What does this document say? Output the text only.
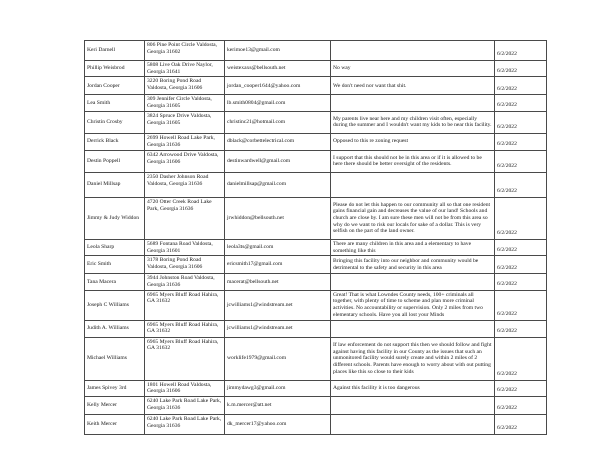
Keri Darnell	806 Pine Point Circle Valdosta, Georgia 31602	kerimoe13@gmail.com		6/2/2022
Phillip Weisbrod	5808 Live Oak Drive Naylor, Georgia 31641	weistexaxs@bellsouth.net	No way	6/2/2022
Jordan Cooper	3220 Boring Pond Road Valdosta, Georgia 31606	jordan_cooper1644@yahoo.com	We don't need nor want that shit.	6/2/2022
Lea Smith	309 Jennifer Circle Valdosta, Georgia 31605	lb.smith0804@gmail.com		6/2/2022
Christin Crosby	3824 Spruce Drive Valdosta, Georgia 31605	christinc21@hotmail.com	My parents live near here and my children visit often, especially during the summer and I wouldn't want my kids to be near this facility.	6/2/2022
Derrick Black	2699 Howell Road Lake Park, Georgia 31636	dblack@corbettelectrical.com	Opposed to this re zoning request	6/2/2022
Destin Poppell	6342 Arrowood Drive Valdosta, Georgia 31606	destinwardwell@gmail.com	I support that this should not be in this area or if it is allowed to be here there should be better oversight of the residents.	6/2/2022
Daniel Millsap	2350 Dasher Johnson Road Valdosta, Georgia 31636	danielmillsap@gmail.com		6/2/2022
Jimmy & Judy Widdon	4720 Otter Creek Road Lake Park, Georgia 31636	jrwhiddon@bellsouth.net	Please do not let this happen to our community all so that one resident gains financial gain and decreases the value of our land! Schools and church are close by. I am sure these men will not be from this area so why do we want to risk our locals for sake of a dollar. This is very selfish on the part of the land owner.	6/2/2022
Leola Sharp	5689 Fontana Road Valdosta, Georgia 31601	leola3ts@gmail.com	There are many children in this area and a elementary to have something like this	6/2/2022
Eric Smith	3178 Boring Pond Road Valdosta, Georgia 31606	ericsmith17@gmail.com	Bringing this facility into our neighbor and community would be detrimental to the safety and security in this area	6/2/2022
Tana Macera	3944 Johnston Road Valdosta, Georgia 31636	macerat@bellsouth.net		6/2/2022
Joseph C Williams	6965 Myers Bluff Road Hahira, GA 31632	jcwilliams1@windstream.net	Great! That is what Lowndes County needs, 100+ criminals all together, with plenty of time to scheme and plan more criminal activities. No accountability or supervision. Only 2 miles from two elementary schools. Have you all lost your Minds	6/2/2022
Judith A. Williams	6965 Myers Bluff Road Hahira, GA 31632	jcwilliams1@windstream.net		6/2/2022
Michael Williams	6965 Myers Bluff Road Hahira, GA 31632	worklife1979@gmail.com	If law enforcement do not support this then we should follow and fight against having this facility in our County as the issues that such an unmonitored facility would surely create and within 2 miles of 2 different schools. Parents have enough to worry about with out putting places like this so close to their kids	6/2/2022
James Spivey 3rd	1801 Howell Road Valdosta, Georgia 31606	jimmydawg3@gmail.com	Against this facility it is too dangerous	6/2/2022
Kelly Mercer	6240 Lake Park Road Lake Park, Georgia 31636	k.m.mercer@att.net		6/2/2022
Keith Mercer	6240 Lake Park Road Lake Park, Georgia 31636	dk_mercer17@yahoo.com		6/2/2022
